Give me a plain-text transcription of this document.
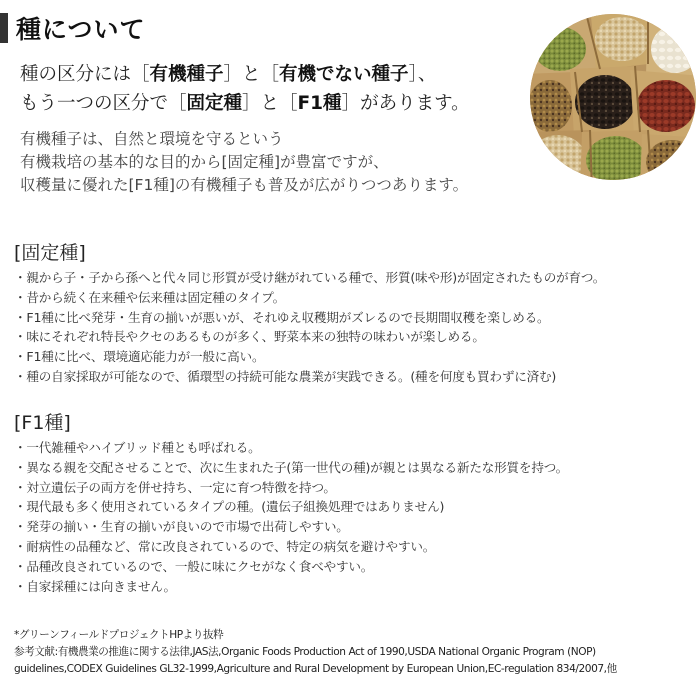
種について
種の区分には［有機種子］と［有機でない種子］、
もう一つの区分で［固定種］と［F1種］があります。
有機種子は、自然と環境を守るという
有機栽培の基本的な目的から[固定種]が豊富ですが、
収穫量に優れた[F1種]の有機種子も普及が広がりつつあります。
[固定種]
・親から子・子から孫へと代々同じ形質が受け継がれている種で、形質(味や形)が固定されたものが育つ。
・昔から続く在来種や伝来種は固定種のタイプ。
・F1種に比べ発芽・生育の揃いが悪いが、それゆえ収穫期がズレるので長期間収穫を楽しめる。
・味にそれぞれ特長やクセのあるものが多く、野菜本来の独特の味わいが楽しめる。
・F1種に比べ、環境適応能力が一般に高い。
・種の自家採取が可能なので、循環型の持続可能な農業が実践できる。(種を何度も買わずに済む)
[F1種]
・一代雑種やハイブリッド種とも呼ばれる。
・異なる親を交配させることで、次に生まれた子(第一世代の種)が親とは異なる新たな形質を持つ。
・対立遺伝子の両方を併せ持ち、一定に育つ特徴を持つ。
・現代最も多く使用されているタイプの種。(遺伝子組換処理ではありません)
・発芽の揃い・生育の揃いが良いので市場で出荷しやすい。
・耐病性の品種など、常に改良されているので、特定の病気を避けやすい。
・品種改良されているので、一般に味にクセがなく食べやすい。
・自家採種には向きません。
*グリーンフィールドプロジェクトHPより抜粋
参考文献:有機農業の推進に関する法律,JAS法,Organic Foods Production Act of 1990,USDA National Organic Program (NOP)
guidelines,CODEX Guidelines GL32-1999,Agriculture and Rural Development by European Union,EC-regulation 834/2007,他
